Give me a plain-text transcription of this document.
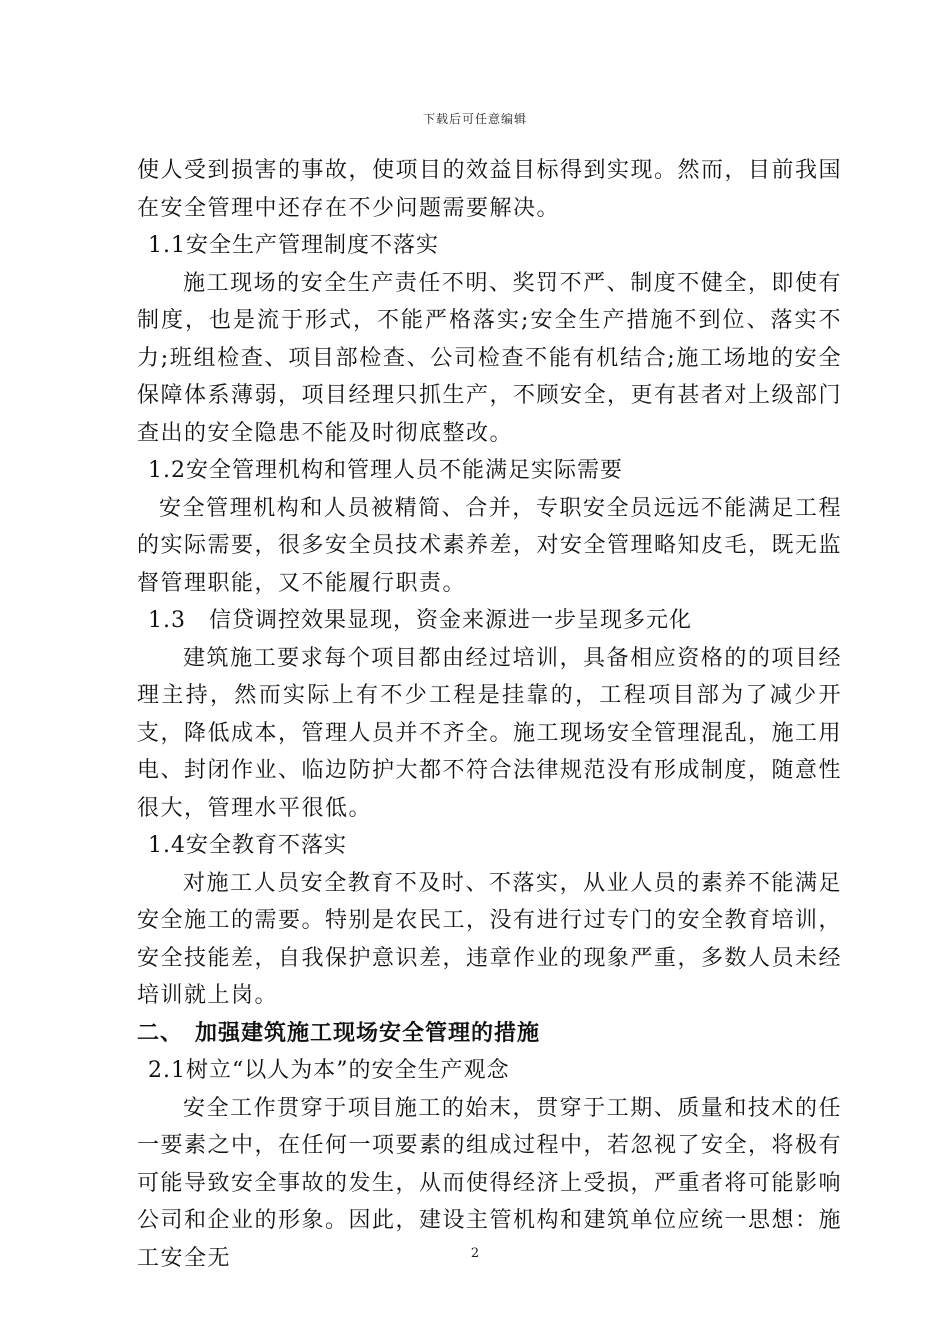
下载后可任意编辑

使人受到损害的事故，使项目的效益目标得到实现。然而，目前我国在安全管理中还存在不少问题需要解决。

1.1安全生产管理制度不落实

施工现场的安全生产责任不明、奖罚不严、制度不健全，即使有制度，也是流于形式，不能严格落实;安全生产措施不到位、落实不力;班组检查、项目部检查、公司检查不能有机结合;施工场地的安全保障体系薄弱，项目经理只抓生产，不顾安全，更有甚者对上级部门查出的安全隐患不能及时彻底整改。

1.2安全管理机构和管理人员不能满足实际需要

安全管理机构和人员被精简、合并，专职安全员远远不能满足工程的实际需要，很多安全员技术素养差，对安全管理略知皮毛，既无监督管理职能，又不能履行职责。

1.3　信贷调控效果显现，资金来源进一步呈现多元化

建筑施工要求每个项目都由经过培训，具备相应资格的的项目经理主持，然而实际上有不少工程是挂靠的，工程项目部为了减少开支，降低成本，管理人员并不齐全。施工现场安全管理混乱，施工用电、封闭作业、临边防护大都不符合法律规范没有形成制度，随意性很大，管理水平很低。

1.4安全教育不落实

对施工人员安全教育不及时、不落实，从业人员的素养不能满足安全施工的需要。特别是农民工，没有进行过专门的安全教育培训，安全技能差，自我保护意识差，违章作业的现象严重，多数人员未经培训就上岗。

二、　加强建筑施工现场安全管理的措施

2.1树立“以人为本”的安全生产观念

安全工作贯穿于项目施工的始末，贯穿于工期、质量和技术的任一要素之中，在任何一项要素的组成过程中，若忽视了安全，将极有可能导致安全事故的发生，从而使得经济上受损，严重者将可能影响公司和企业的形象。因此，建设主管机构和建筑单位应统一思想：施工安全无	2
